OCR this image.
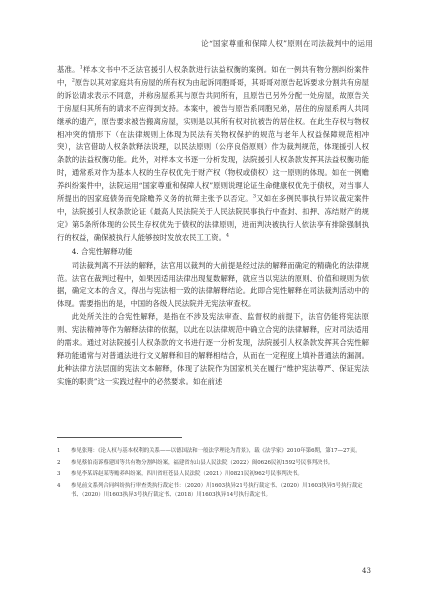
论“国家尊重和保障人权”原则在司法裁判中的运用

基准。$^1$样本文书中不乏法官援引人权条款进行法益权衡的案例。如在一例共有物分割纠纷案件中，$^2$原告以其对家庭共有房屋的所有权为由起诉同胞哥哥，其哥哥对原告起诉要求分割共有房屋的诉讼请求表示不同意，并称房屋系其与原告共同所有，且原告已另外分配一处房屋，故原告关于房屋归其所有的请求不应得到支持。本案中，被告与原告系同胞兄弟，居住的房屋系两人共同继承的遗产，原告要求被告搬离房屋，实则是以其所有权对抗被告的居住权。在此生存权与物权相冲突的情形下（在法律规则上体现为民法有关物权保护的规范与老年人权益保障规范相冲突），法官借助人权条款释法说理，以民法原则（公序良俗原则）作为裁判规范，体现援引人权条款的法益权衡功能。此外，对样本文书逐一分析发现，法院援引人权条款发挥其法益权衡功能时，通常系对作为基本人权的生存权优先于财产权（物权或债权）这一原则的体现。如在一例赡养纠纷案件中，法院运用“国家尊重和保障人权”原则说理论证生命健康权优先于债权，对当事人所提出的因家庭债务而免除赡养义务的抗辩主张予以否定。$^3$又如在多例民事执行异议裁定案件中，法院援引人权条款论证《最高人民法院关于人民法院民事执行中查封、扣押、冻结财产的规定》第5条所体现的公民生存权优先于债权的法律原则，进而判决被执行人依法享有排除强制执行的权益，确保被执行人能够按时发放农民工工资。$^4$

4. 合宪性解释功能

司法裁判离不开法的解释，法官用以裁判的大前提是经过法的解释而确定的精确化的法律规范。法官在裁判过程中，如果因适用法律出现复数解释，就应当以宪法的原则、价值和规则为依据，确定文本的含义，得出与宪法相一致的法律解释结论。此即合宪性解释在司法裁判活动中的体现。需要指出的是，中国的各级人民法院并无宪法审查权。

此处所关注的合宪性解释，是指在不涉及宪法审查、监督权的前提下，法官仍能将宪法原则、宪法精神等作为解释法律的依据，以此在以法律规范中确立合宪的法律解释，应对司法适用的需求。通过对法院援引人权条款的文书进行逐一分析发现，法院援引人权条款发挥其合宪性解释功能通常与对普通法进行文义解释和目的解释相结合，从而在一定程度上填补普通法的漏洞。此种法律方法层面的宪法文本解释，体现了法院作为国家机关在履行“维护宪法尊严、保证宪法实施的职责”这一实践过程中的必然要求。如在前述

1	参见张翔：《论人权与基本权利的关系——以德国法和一般法学理论为背景》，载《法学家》2010年第6期，第17—27页。
2	参见蔡伯南诉蔡建国等共有物分割纠纷案，福建省东山县人民法院（2022）闽0626民初1592号民事判决书。
3	参见李某诉赵某等赡养纠纷案，四川省旺苍县人民法院（2021）川0821民初962号民事判决书。
4	参见前文系列合同纠纷执行审查类执行裁定书：（2020）川1603执异21号执行裁定书、（2020）川1603执异5号执行裁定书、（2020）川1603执异3号执行裁定书、（2018）川1603执异14号执行裁定书。
43
